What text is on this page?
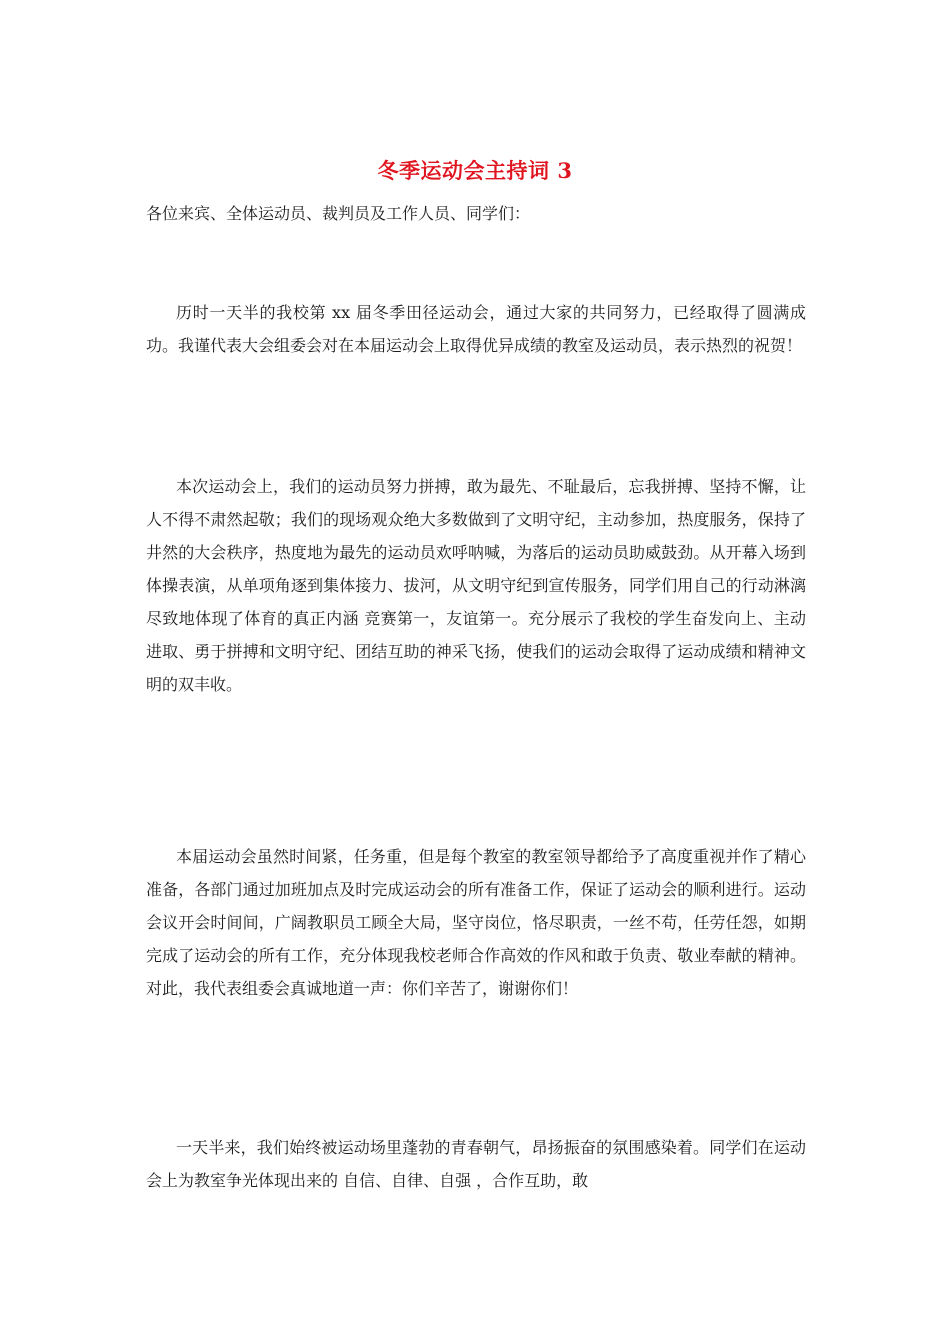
冬季运动会主持词 3
各位来宾、全体运动员、裁判员及工作人员、同学们：

历时一天半的我校第 xx 届冬季田径运动会，通过大家的共同努力，已经取得了圆满成功。我谨代表大会组委会对在本届运动会上取得优异成绩的教室及运动员，表示热烈的祝贺！

本次运动会上，我们的运动员努力拼搏，敢为最先、不耻最后，忘我拼搏、坚持不懈，让人不得不肃然起敬；我们的现场观众绝大多数做到了文明守纪，主动参加，热度服务，保持了井然的大会秩序，热度地为最先的运动员欢呼呐喊，为落后的运动员助威鼓劲。从开幕入场到体操表演，从单项角逐到集体接力、拔河，从文明守纪到宣传服务，同学们用自己的行动淋漓尽致地体现了体育的真正内涵 竞赛第一，友谊第一。充分展示了我校的学生奋发向上、主动进取、勇于拼搏和文明守纪、团结互助的神采飞扬，使我们的运动会取得了运动成绩和精神文明的双丰收。

本届运动会虽然时间紧，任务重，但是每个教室的教室领导都给予了高度重视并作了精心准备，各部门通过加班加点及时完成运动会的所有准备工作，保证了运动会的顺利进行。运动会议开会时间间，广阔教职员工顾全大局，坚守岗位，恪尽职责，一丝不苟，任劳任怨，如期完成了运动会的所有工作，充分体现我校老师合作高效的作风和敢于负责、敬业奉献的精神。对此，我代表组委会真诚地道一声：你们辛苦了，谢谢你们！

一天半来，我们始终被运动场里蓬勃的青春朝气，昂扬振奋的氛围感染着。同学们在运动会上为教室争光体现出来的 自信、自律、自强 ，合作互助，敢
